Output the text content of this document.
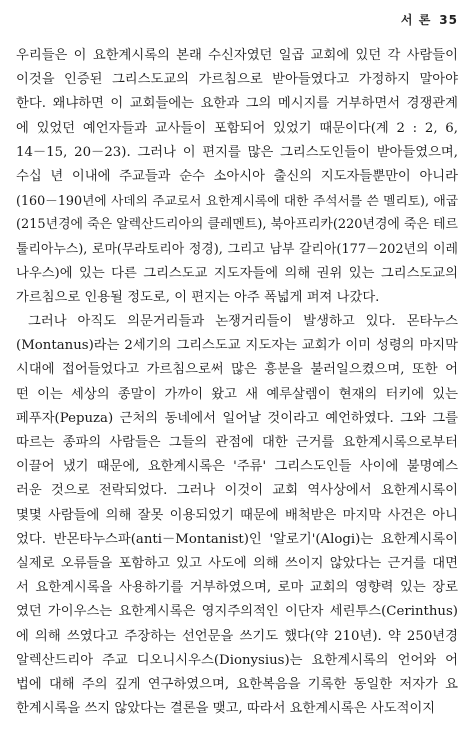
서 론 35
우리들은 이 요한계시록의 본래 수신자였던 일곱 교회에 있던 각 사람들이
이것을 인증된 그리스도교의 가르침으로 받아들였다고 가정하지 말아야
한다. 왜냐하면 이 교회들에는 요한과 그의 메시지를 거부하면서 경쟁관계
에 있었던 예언자들과 교사들이 포함되어 있었기 때문이다(계 2 : 2, 6,
14－15, 20－23). 그러나 이 편지를 많은 그리스도인들이 받아들였으며,
수십 년 이내에 주교들과 순수 소아시아 출신의 지도자들뿐만이 아니라
(160－190년에 사데의 주교로서 요한계시록에 대한 주석서를 쓴 멜리토), 애굽
(215년경에 죽은 알렉산드리아의 클레멘트), 북아프리카(220년경에 죽은 테르
툴리아누스), 로마(무라토리아 정경), 그리고 남부 갈리아(177－202년의 이레
나우스)에 있는 다른 그리스도교 지도자들에 의해 권위 있는 그리스도교의
가르침으로 인용될 정도로, 이 편지는 아주 폭넓게 퍼져 나갔다.
그러나 아직도 의문거리들과 논쟁거리들이 발생하고 있다. 몬타누스
(Montanus)라는 2세기의 그리스도교 지도자는 교회가 이미 성령의 마지막
시대에 접어들었다고 가르침으로써 많은 흥분을 불러일으켰으며, 또한 어
떤 이는 세상의 종말이 가까이 왔고 새 예루살렘이 현재의 터키에 있는
페푸자(Pepuza) 근처의 동네에서 일어날 것이라고 예언하였다. 그와 그를
따르는 종파의 사람들은 그들의 관점에 대한 근거를 요한계시록으로부터
이끌어 냈기 때문에, 요한계시록은 '주류' 그리스도인들 사이에 불명예스
러운 것으로 전락되었다. 그러나 이것이 교회 역사상에서 요한계시록이
몇몇 사람들에 의해 잘못 이용되었기 때문에 배척받은 마지막 사건은 아니
었다. 반몬타누스파(anti－Montanist)인 '알로기'(Alogi)는 요한계시록이
실제로 오류들을 포함하고 있고 사도에 의해 쓰이지 않았다는 근거를 대면
서 요한계시록을 사용하기를 거부하였으며, 로마 교회의 영향력 있는 장로
였던 가이우스는 요한계시록은 영지주의적인 이단자 세린투스(Cerinthus)
에 의해 쓰였다고 주장하는 선언문을 쓰기도 했다(약 210년). 약 250년경
알렉산드리아 주교 디오니시우스(Dionysius)는 요한계시록의 언어와 어
법에 대해 주의 깊게 연구하였으며, 요한복음을 기록한 동일한 저자가 요
한계시록을 쓰지 않았다는 결론을 맺고, 따라서 요한계시록은 사도적이지
